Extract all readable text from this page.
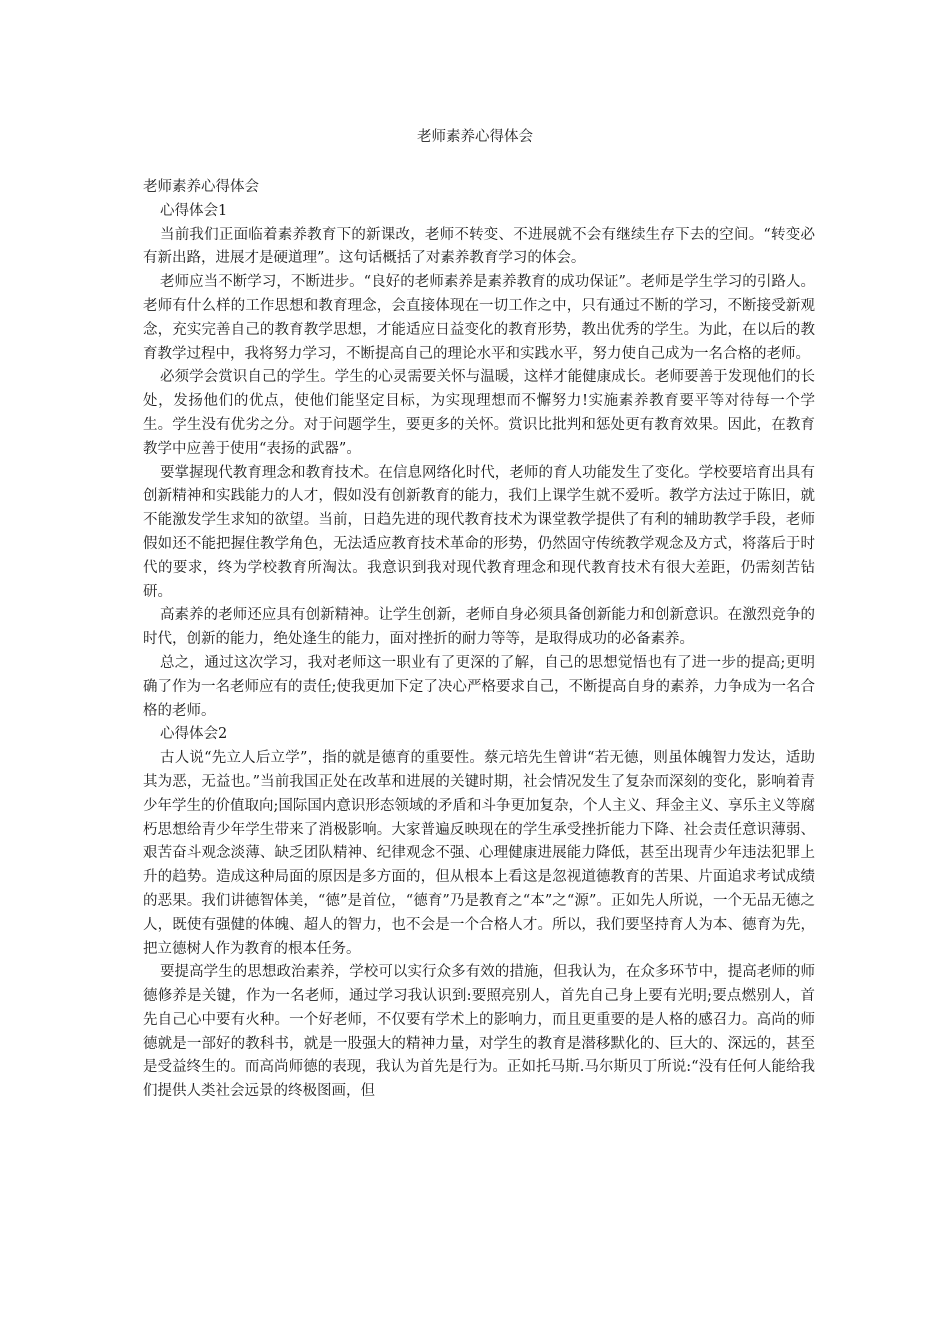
老师素养心得体会

老师素养心得体会

心得体会1

当前我们正面临着素养教育下的新课改，老师不转变、不进展就不会有继续生存下去的空间。“转变必有新出路，进展才是硬道理”。这句话概括了对素养教育学习的体会。

老师应当不断学习，不断进步。“良好的老师素养是素养教育的成功保证”。老师是学生学习的引路人。老师有什么样的工作思想和教育理念，会直接体现在一切工作之中，只有通过不断的学习，不断接受新观念，充实完善自己的教育教学思想，才能适应日益变化的教育形势，教出优秀的学生。为此，在以后的教育教学过程中，我将努力学习，不断提高自己的理论水平和实践水平，努力使自己成为一名合格的老师。

必须学会赏识自己的学生。学生的心灵需要关怀与温暖，这样才能健康成长。老师要善于发现他们的长处，发扬他们的优点，使他们能坚定目标，为实现理想而不懈努力!实施素养教育要平等对待每一个学生。学生没有优劣之分。对于问题学生，要更多的关怀。赏识比批判和惩处更有教育效果。因此，在教育教学中应善于使用“表扬的武器”。

要掌握现代教育理念和教育技术。在信息网络化时代，老师的育人功能发生了变化。学校要培育出具有创新精神和实践能力的人才，假如没有创新教育的能力，我们上课学生就不爱听。教学方法过于陈旧，就不能激发学生求知的欲望。当前，日趋先进的现代教育技术为课堂教学提供了有利的辅助教学手段，老师假如还不能把握住教学角色，无法适应教育技术革命的形势，仍然固守传统教学观念及方式，将落后于时代的要求，终为学校教育所淘汰。我意识到我对现代教育理念和现代教育技术有很大差距，仍需刻苦钻研。

高素养的老师还应具有创新精神。让学生创新，老师自身必须具备创新能力和创新意识。在激烈竞争的时代，创新的能力，绝处逢生的能力，面对挫折的耐力等等，是取得成功的必备素养。

总之，通过这次学习，我对老师这一职业有了更深的了解，自己的思想觉悟也有了进一步的提高;更明确了作为一名老师应有的责任;使我更加下定了决心严格要求自己，不断提高自身的素养，力争成为一名合格的老师。

心得体会2

古人说“先立人后立学”，指的就是德育的重要性。蔡元培先生曾讲“若无德，则虽体魄智力发达，适助其为恶，无益也。”当前我国正处在改革和进展的关键时期，社会情况发生了复杂而深刻的变化，影响着青少年学生的价值取向;国际国内意识形态领域的矛盾和斗争更加复杂，个人主义、拜金主义、享乐主义等腐朽思想给青少年学生带来了消极影响。大家普遍反映现在的学生承受挫折能力下降、社会责任意识薄弱、艰苦奋斗观念淡薄、缺乏团队精神、纪律观念不强、心理健康进展能力降低，甚至出现青少年违法犯罪上升的趋势。造成这种局面的原因是多方面的，但从根本上看这是忽视道德教育的苦果、片面追求考试成绩的恶果。我们讲德智体美，“德”是首位，“德育”乃是教育之“本”之“源”。正如先人所说，一个无品无德之人，既使有强健的体魄、超人的智力，也不会是一个合格人才。所以，我们要坚持育人为本、德育为先，把立德树人作为教育的根本任务。

要提高学生的思想政治素养，学校可以实行众多有效的措施，但我认为，在众多环节中，提高老师的师德修养是关键，作为一名老师，通过学习我认识到:要照亮别人，首先自己身上要有光明;要点燃别人，首先自己心中要有火种。一个好老师，不仅要有学术上的影响力，而且更重要的是人格的感召力。高尚的师德就是一部好的教科书，就是一股强大的精神力量，对学生的教育是潜移默化的、巨大的、深远的，甚至是受益终生的。而高尚师德的表现，我认为首先是行为。正如托马斯.马尔斯贝丁所说:“没有任何人能给我们提供人类社会远景的终极图画，但
